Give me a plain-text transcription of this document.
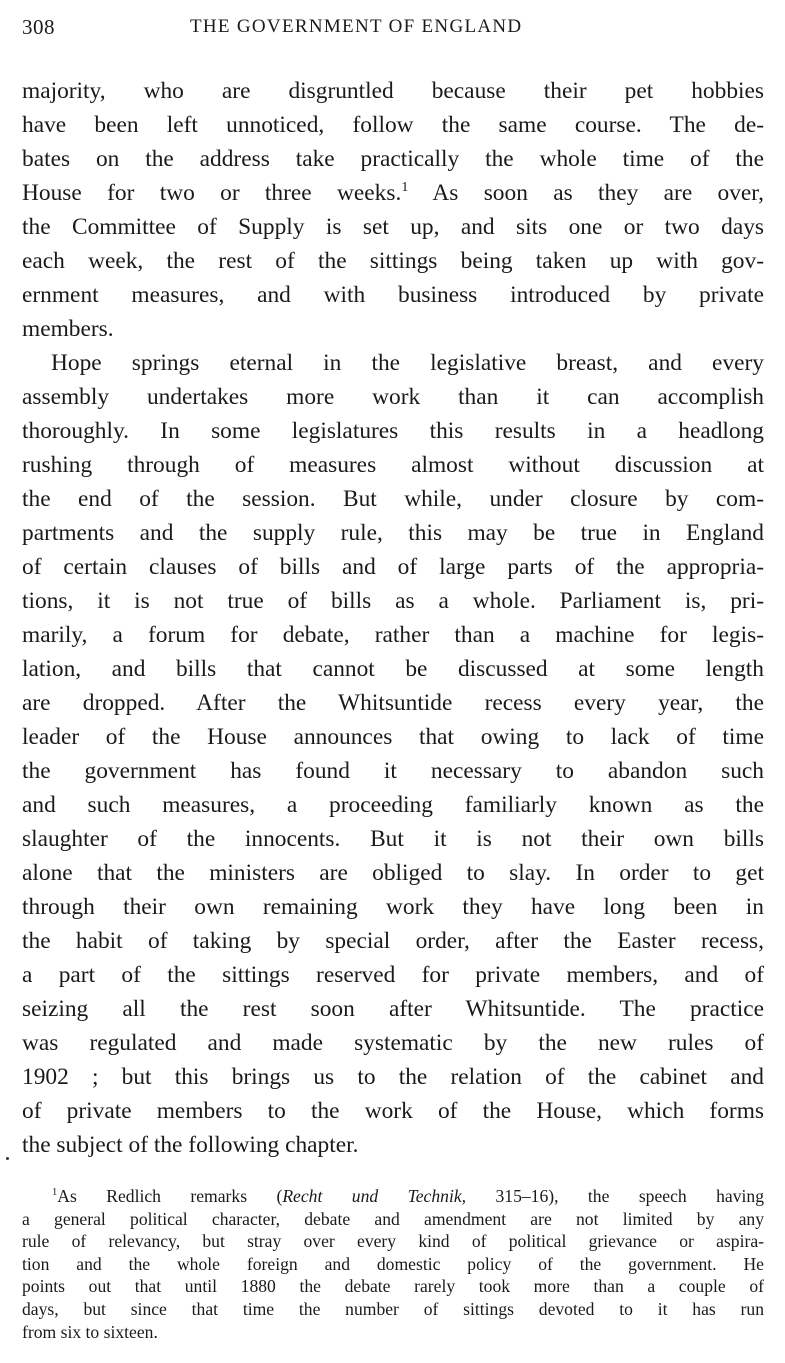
308	THE GOVERNMENT OF ENGLAND
majority, who are disgruntled because their pet hobbies
have been left unnoticed, follow the same course. The de-
bates on the address take practically the whole time of the
House for two or three weeks.$^1$ As soon as they are over,
the Committee of Supply is set up, and sits one or two days
each week, the rest of the sittings being taken up with gov-
ernment measures, and with business introduced by private
members.
Hope springs eternal in the legislative breast, and every
assembly undertakes more work than it can accomplish
thoroughly. In some legislatures this results in a headlong
rushing through of measures almost without discussion at
the end of the session. But while, under closure by com-
partments and the supply rule, this may be true in England
of certain clauses of bills and of large parts of the appropria-
tions, it is not true of bills as a whole. Parliament is, pri-
marily, a forum for debate, rather than a machine for legis-
lation, and bills that cannot be discussed at some length
are dropped. After the Whitsuntide recess every year, the
leader of the House announces that owing to lack of time
the government has found it necessary to abandon such
and such measures, a proceeding familiarly known as the
slaughter of the innocents. But it is not their own bills
alone that the ministers are obliged to slay. In order to get
through their own remaining work they have long been in
the habit of taking by special order, after the Easter recess,
a part of the sittings reserved for private members, and of
seizing all the rest soon after Whitsuntide. The practice
was regulated and made systematic by the new rules of
1902 ; but this brings us to the relation of the cabinet and
of private members to the work of the House, which forms
the subject of the following chapter.
$^1$As Redlich remarks (Recht und Technik, 315–16), the speech having
a general political character, debate and amendment are not limited by any
rule of relevancy, but stray over every kind of political grievance or aspira-
tion and the whole foreign and domestic policy of the government. He
points out that until 1880 the debate rarely took more than a couple of
days, but since that time the number of sittings devoted to it has run
from six to sixteen.
